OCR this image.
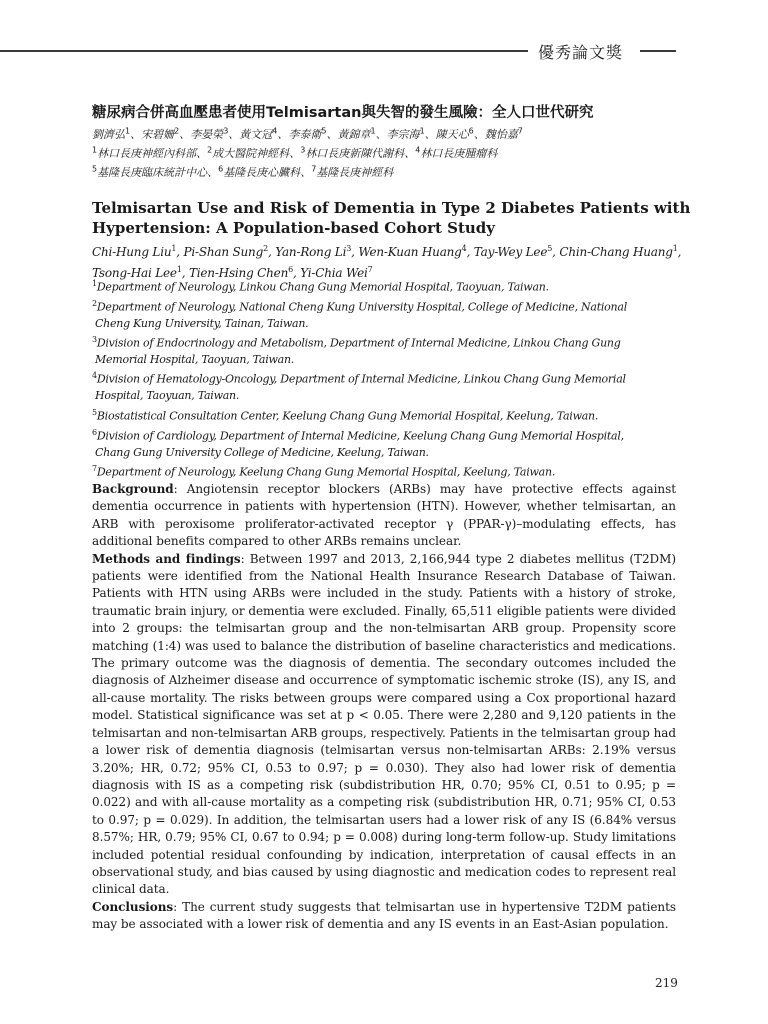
優秀論文獎
糖尿病合併高血壓患者使用Telmisartan與失智的發生風險：全人口世代研究
劉濟弘$^1$、宋碧姍$^2$、李晏榮$^3$、黃文冠$^4$、李泰衛$^5$、黃錦章$^1$、李宗海$^1$、陳天心$^6$、魏怡嘉$^7$
$^1$林口長庚神經內科部、$^2$成大醫院神經科、$^3$林口長庚新陳代謝科、$^4$林口長庚腫瘤科
$^5$基隆長庚臨床統計中心、$^6$基隆長庚心臟科、$^7$基隆長庚神經科
Telmisartan Use and Risk of Dementia in Type 2 Diabetes Patients with Hypertension: A Population-based Cohort Study
Chi-Hung Liu$^1$, Pi-Shan Sung$^2$, Yan-Rong Li$^3$, Wen-Kuan Huang$^4$, Tay-Wey Lee$^5$, Chin-Chang Huang$^1$, Tsong-Hai Lee$^1$, Tien-Hsing Chen$^6$, Yi-Chia Wei$^7$
$^1$Department of Neurology, Linkou Chang Gung Memorial Hospital, Taoyuan, Taiwan.
$^2$Department of Neurology, National Cheng Kung University Hospital, College of Medicine, National
Cheng Kung University, Tainan, Taiwan.
$^3$Division of Endocrinology and Metabolism, Department of Internal Medicine, Linkou Chang Gung
Memorial Hospital, Taoyuan, Taiwan.
$^4$Division of Hematology-Oncology, Department of Internal Medicine, Linkou Chang Gung Memorial
Hospital, Taoyuan, Taiwan.
$^5$Biostatistical Consultation Center, Keelung Chang Gung Memorial Hospital, Keelung, Taiwan.
$^6$Division of Cardiology, Department of Internal Medicine, Keelung Chang Gung Memorial Hospital,
Chang Gung University College of Medicine, Keelung, Taiwan.
$^7$Department of Neurology, Keelung Chang Gung Memorial Hospital, Keelung, Taiwan.

Background: Angiotensin receptor blockers (ARBs) may have protective effects against dementia occurrence in patients with hypertension (HTN). However, whether telmisartan, an ARB with peroxisome proliferator-activated receptor γ (PPAR-γ)–modulating effects, has additional benefits compared to other ARBs remains unclear.

Methods and findings: Between 1997 and 2013, 2,166,944 type 2 diabetes mellitus (T2DM) patients were identified from the National Health Insurance Research Database of Taiwan. Patients with HTN using ARBs were included in the study. Patients with a history of stroke, traumatic brain injury, or dementia were excluded. Finally, 65,511 eligible patients were divided into 2 groups: the telmisartan group and the non-telmisartan ARB group. Propensity score matching (1:4) was used to balance the distribution of baseline characteristics and medications. The primary outcome was the diagnosis of dementia. The secondary outcomes included the diagnosis of Alzheimer disease and occurrence of symptomatic ischemic stroke (IS), any IS, and all-cause mortality. The risks between groups were compared using a Cox proportional hazard model. Statistical significance was set at p < 0.05. There were 2,280 and 9,120 patients in the telmisartan and non-telmisartan ARB groups, respectively. Patients in the telmisartan group had a lower risk of dementia diagnosis (telmisartan versus non-telmisartan ARBs: 2.19% versus 3.20%; HR, 0.72; 95% CI, 0.53 to 0.97; p = 0.030). They also had lower risk of dementia diagnosis with IS as a competing risk (subdistribution HR, 0.70; 95% CI, 0.51 to 0.95; p = 0.022) and with all-cause mortality as a competing risk (subdistribution HR, 0.71; 95% CI, 0.53 to 0.97; p = 0.029). In addition, the telmisartan users had a lower risk of any IS (6.84% versus 8.57%; HR, 0.79; 95% CI, 0.67 to 0.94; p = 0.008) during long-term follow-up. Study limitations included potential residual confounding by indication, interpretation of causal effects in an observational study, and bias caused by using diagnostic and medication codes to represent real clinical data.

Conclusions: The current study suggests that telmisartan use in hypertensive T2DM patients may be associated with a lower risk of dementia and any IS events in an East-Asian population.

219
